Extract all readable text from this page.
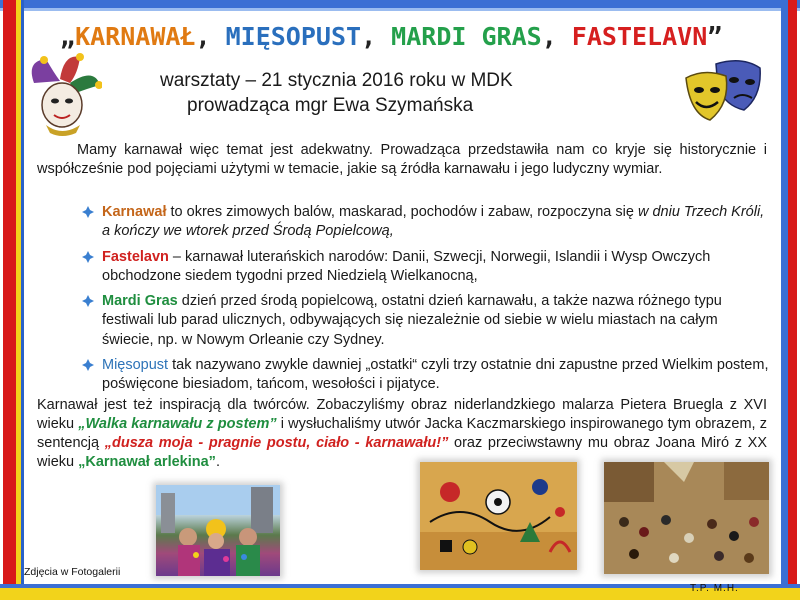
„KARNAWAŁ, MIĘSOPUST, MARDI GRAS, FASTELAVN”
warsztaty – 21 stycznia 2016 roku w MDK
prowadząca mgr Ewa Szymańska

Mamy karnawał więc temat jest adekwatny. Prowadząca przedstawiła nam co kryje się historycznie i współcześnie pod pojęciami użytymi w temacie, jakie są źródła karnawału i jego ludyczny wymiar.

Karnawał to okres zimowych balów, maskarad, pochodów i zabaw, rozpoczyna się w dniu Trzech Króli, a kończy we wtorek przed Środą Popielcową,
Fastelavn – karnawał luterańskich narodów: Danii, Szwecji, Norwegii, Islandii i Wysp Owczych obchodzone siedem tygodni przed Niedzielą Wielkanocną,
Mardi Gras dzień przed środą popielcową, ostatni dzień karnawału, a także nazwa różnego typu festiwali lub parad ulicznych, odbywających się niezależnie od siebie w wielu miastach na całym świecie, np. w Nowym Orleanie czy Sydney.
Mięsopust tak nazywano zwykle dawniej „ostatki“ czyli trzy ostatnie dni zapustne przed Wielkim postem, poświęcone biesiadom, tańcom, wesołości i pijatyce.

Karnawał jest też inspiracją dla twórców. Zobaczyliśmy obraz niderlandzkiego malarza Pietera Bruegla z XVI wieku „Walka karnawału z postem” i wysłuchaliśmy utwór Jacka Kaczmarskiego inspirowanego tym obrazem, z sentencją „dusza moja - pragnie postu, ciało - karnawału!” oraz przeciwstawny mu obraz Joana Miró z XX wieku „Karnawał arlekina”.

Zdjęcia w Fotogalerii
T.P. M.H.
